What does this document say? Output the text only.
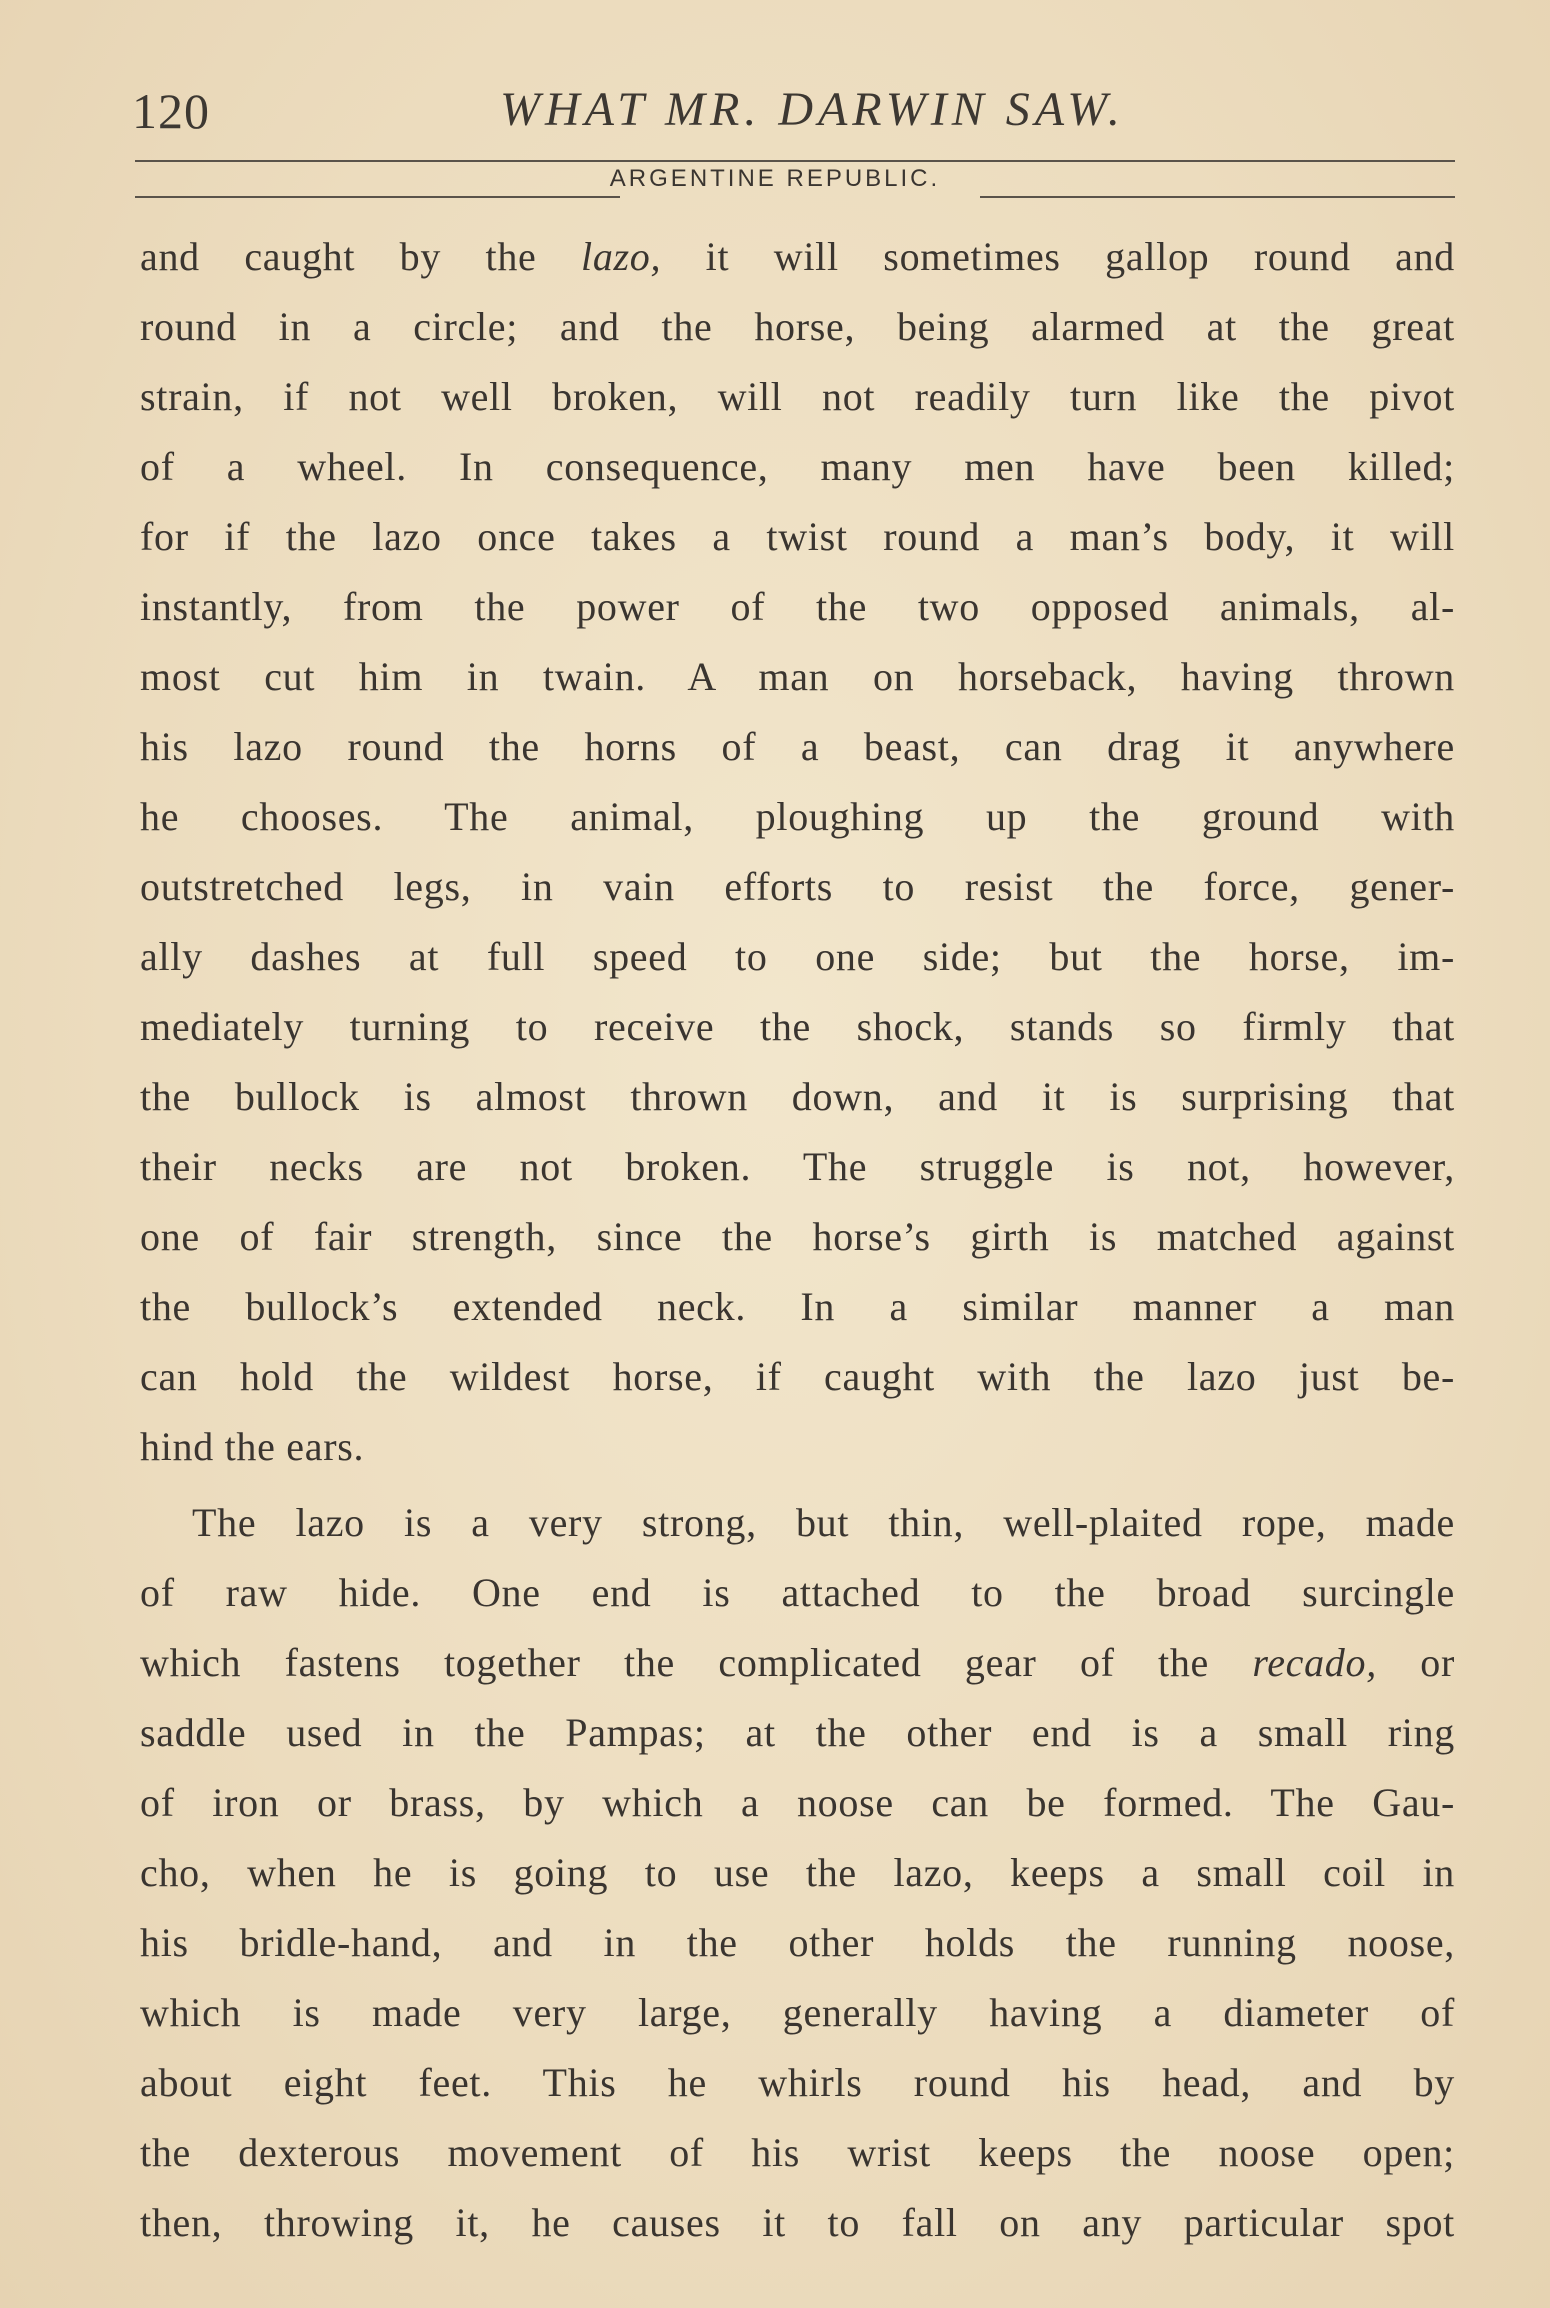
120	WHAT MR. DARWIN SAW.
ARGENTINE REPUBLIC.
and caught by the lazo, it will sometimes gallop round and
round in a circle; and the horse, being alarmed at the great
strain, if not well broken, will not readily turn like the pivot
of a wheel. In consequence, many men have been killed;
for if the lazo once takes a twist round a man’s body, it will
instantly, from the power of the two opposed animals, al-
most cut him in twain. A man on horseback, having thrown
his lazo round the horns of a beast, can drag it anywhere
he chooses. The animal, ploughing up the ground with
outstretched legs, in vain efforts to resist the force, gener-
ally dashes at full speed to one side; but the horse, im-
mediately turning to receive the shock, stands so firmly that
the bullock is almost thrown down, and it is surprising that
their necks are not broken. The struggle is not, however,
one of fair strength, since the horse’s girth is matched against
the bullock’s extended neck. In a similar manner a man
can hold the wildest horse, if caught with the lazo just be-
hind the ears.
The lazo is a very strong, but thin, well-plaited rope, made
of raw hide. One end is attached to the broad surcingle
which fastens together the complicated gear of the recado, or
saddle used in the Pampas; at the other end is a small ring
of iron or brass, by which a noose can be formed. The Gau-
cho, when he is going to use the lazo, keeps a small coil in
his bridle-hand, and in the other holds the running noose,
which is made very large, generally having a diameter of
about eight feet. This he whirls round his head, and by
the dexterous movement of his wrist keeps the noose open;
then, throwing it, he causes it to fall on any particular spot
